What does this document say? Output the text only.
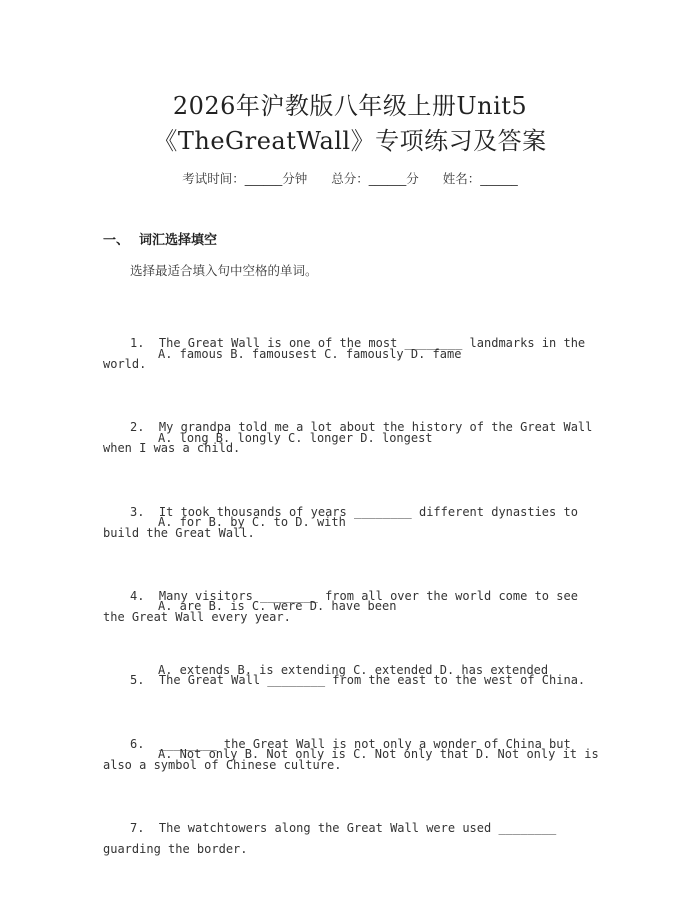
2026年沪教版八年级上册Unit5
《TheGreatWall》专项练习及答案
考试时间：______分钟 总分：______分 姓名：______
一、 词汇选择填空
选择最适合填入句中空格的单词。

1.  The Great Wall is one of the most ________ landmarks in the world.

A. famous B. famousest C. famously D. fame

2.  My grandpa told me a lot about the history of the Great Wall when I was a child.

A. long B. longly C. longer D. longest

3.  It took thousands of years ________ different dynasties to build the Great Wall.

A. for B. by C. to D. with

4.  Many visitors ________ from all over the world come to see the Great Wall every year.

A. are B. is C. were D. have been

5.  The Great Wall ________ from the east to the west of China.

A. extends B. is extending C. extended D. has extended

6.  ________ the Great Wall is not only a wonder of China but also a symbol of Chinese culture.

A. Not only B. Not only is C. Not only that D. Not only it is

7.  The watchtowers along the Great Wall were used ________ guarding the border.
